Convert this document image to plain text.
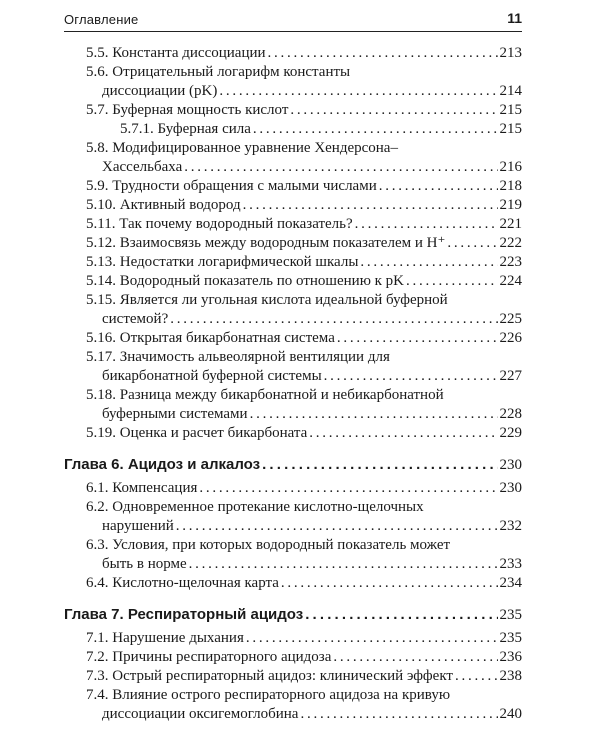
Оглавление	11
5.5. Константа диссоциации . . .	213
5.6. Отрицательный логарифм константы
диссоциации (pK) . . .	214
5.7. Буферная мощность кислот . . .	215
5.7.1. Буферная сила . . .	215
5.8. Модифицированное уравнение Хендерсона–
Хассельбаха . . .	216
5.9. Трудности обращения с малыми числами . . .	218
5.10. Активный водород . . .	219
5.11. Так почему водородный показатель? . . .	221
5.12. Взаимосвязь между водородным показателем и H⁺ . . .	222
5.13. Недостатки логарифмической шкалы . . .	223
5.14. Водородный показатель по отношению к pK . . .	224
5.15. Является ли угольная кислота идеальной буферной
системой? . . .	225
5.16. Открытая бикарбонатная система . . .	226
5.17. Значимость альвеолярной вентиляции для
бикарбонатной буферной системы . . .	227
5.18. Разница между бикарбонатной и небикарбонатной
буферными системами . . .	228
5.19. Оценка и расчет бикарбоната . . .	229
Глава 6. Ацидоз и алкалоз . . .	230
6.1. Компенсация . . .	230
6.2. Одновременное протекание кислотно-щелочных
нарушений . . .	232
6.3. Условия, при которых водородный показатель может
быть в норме . . .	233
6.4. Кислотно-щелочная карта . . .	234
Глава 7. Респираторный ацидоз . . .	235
7.1. Нарушение дыхания . . .	235
7.2. Причины респираторного ацидоза . . .	236
7.3. Острый респираторный ацидоз: клинический эффект . . .	238
7.4. Влияние острого респираторного ацидоза на кривую
диссоциации оксигемоглобина . . .	240
